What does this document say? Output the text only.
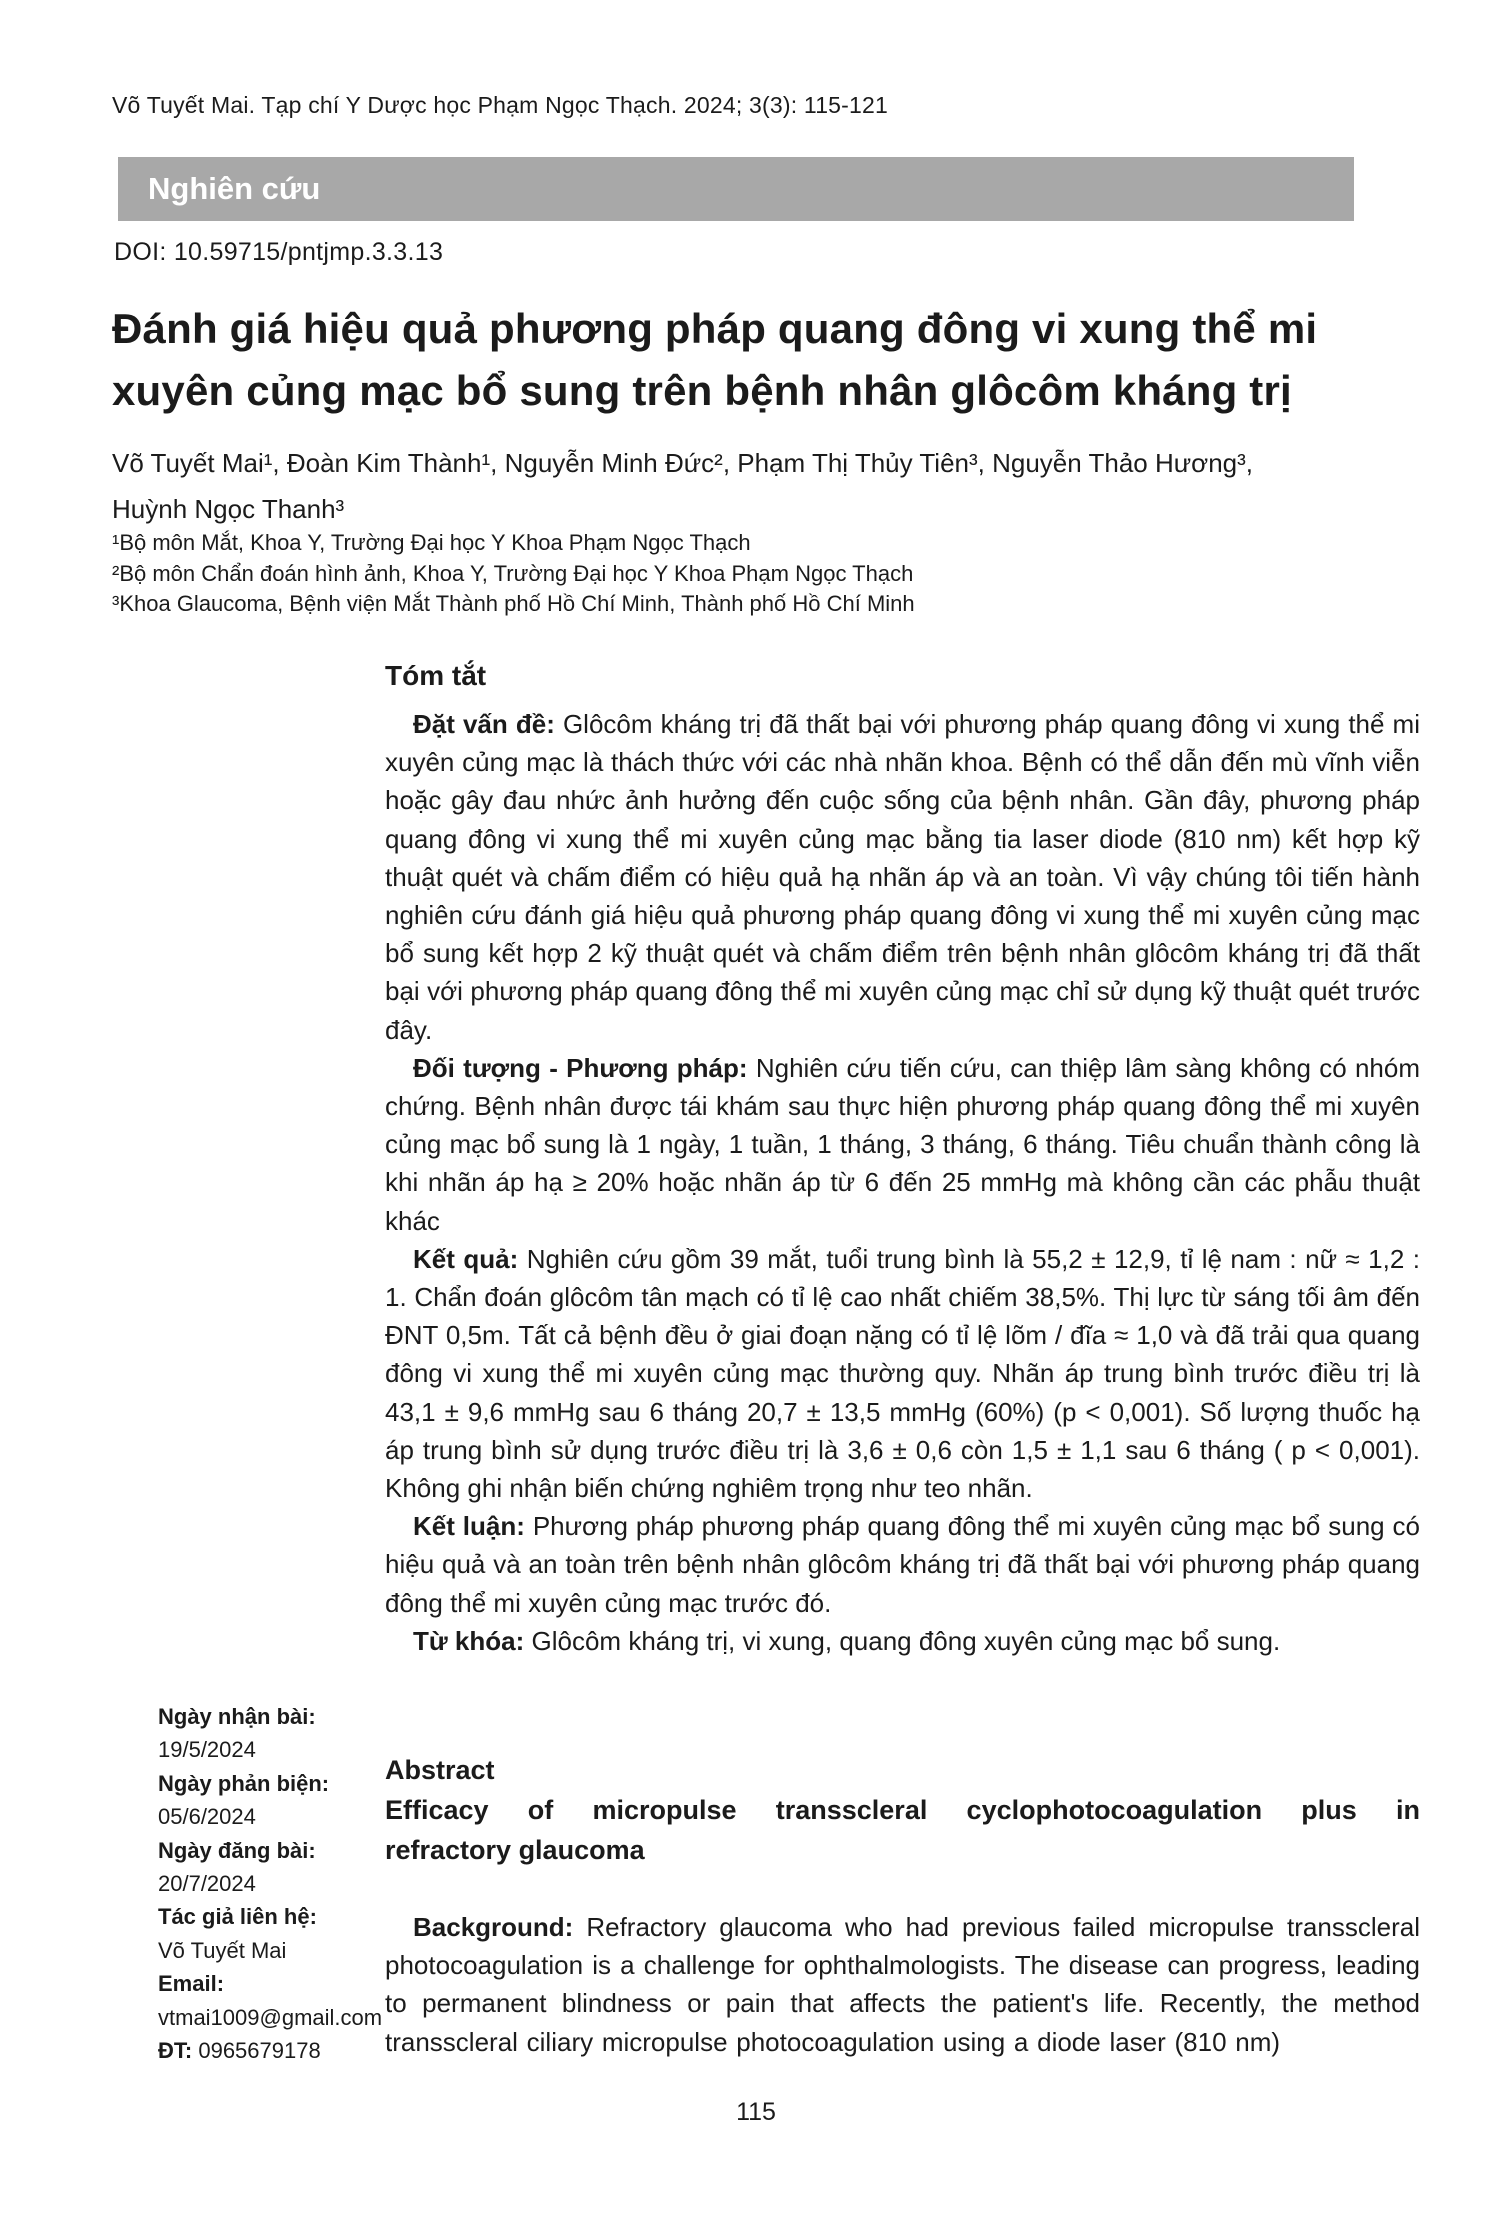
Võ Tuyết Mai. Tạp chí Y Dược học Phạm Ngọc Thạch. 2024; 3(3): 115-121
Nghiên cứu
DOI: 10.59715/pntjmp.3.3.13
Đánh giá hiệu quả phương pháp quang đông vi xung thể mi
xuyên củng mạc bổ sung trên bệnh nhân glôcôm kháng trị
Võ Tuyết Mai¹, Đoàn Kim Thành¹, Nguyễn Minh Đức², Phạm Thị Thủy Tiên³, Nguyễn Thảo Hương³,
Huỳnh Ngọc Thanh³
¹Bộ môn Mắt, Khoa Y, Trường Đại học Y Khoa Phạm Ngọc Thạch
²Bộ môn Chẩn đoán hình ảnh, Khoa Y, Trường Đại học Y Khoa Phạm Ngọc Thạch
³Khoa Glaucoma, Bệnh viện Mắt Thành phố Hồ Chí Minh, Thành phố Hồ Chí Minh
Tóm tắt

Đặt vấn đề: Glôcôm kháng trị đã thất bại với phương pháp quang đông vi xung thể mi xuyên củng mạc là thách thức với các nhà nhãn khoa. Bệnh có thể dẫn đến mù vĩnh viễn hoặc gây đau nhức ảnh hưởng đến cuộc sống của bệnh nhân. Gần đây, phương pháp quang đông vi xung thể mi xuyên củng mạc bằng tia laser diode (810 nm) kết hợp kỹ thuật quét và chấm điểm có hiệu quả hạ nhãn áp và an toàn. Vì vậy chúng tôi tiến hành nghiên cứu đánh giá hiệu quả phương pháp quang đông vi xung thể mi xuyên củng mạc bổ sung kết hợp 2 kỹ thuật quét và chấm điểm trên bệnh nhân glôcôm kháng trị đã thất bại với phương pháp quang đông thể mi xuyên củng mạc chỉ sử dụng kỹ thuật quét trước đây.

Đối tượng - Phương pháp: Nghiên cứu tiến cứu, can thiệp lâm sàng không có nhóm chứng. Bệnh nhân được tái khám sau thực hiện phương pháp quang đông thể mi xuyên củng mạc bổ sung là 1 ngày, 1 tuần, 1 tháng, 3 tháng, 6 tháng. Tiêu chuẩn thành công là khi nhãn áp hạ ≥ 20% hoặc nhãn áp từ 6 đến 25 mmHg mà không cần các phẫu thuật khác

Kết quả: Nghiên cứu gồm 39 mắt, tuổi trung bình là 55,2 ± 12,9, tỉ lệ nam : nữ ≈ 1,2 : 1. Chẩn đoán glôcôm tân mạch có tỉ lệ cao nhất chiếm 38,5%. Thị lực từ sáng tối âm đến ĐNT 0,5m. Tất cả bệnh đều ở giai đoạn nặng có tỉ lệ lõm / đĩa ≈ 1,0 và đã trải qua quang đông vi xung thể mi xuyên củng mạc thường quy. Nhãn áp trung bình trước điều trị là 43,1 ± 9,6 mmHg sau 6 tháng 20,7 ± 13,5 mmHg (60%) (p < 0,001). Số lượng thuốc hạ áp trung bình sử dụng trước điều trị là 3,6 ± 0,6 còn 1,5 ± 1,1 sau 6 tháng ( p < 0,001). Không ghi nhận biến chứng nghiêm trọng như teo nhãn.

Kết luận: Phương pháp phương pháp quang đông thể mi xuyên củng mạc bổ sung có hiệu quả và an toàn trên bệnh nhân glôcôm kháng trị đã thất bại với phương pháp quang đông thể mi xuyên củng mạc trước đó.

Từ khóa: Glôcôm kháng trị, vi xung, quang đông xuyên củng mạc bổ sung.

Ngày nhận bài:
19/5/2024
Ngày phản biện:
05/6/2024
Ngày đăng bài:
20/7/2024
Tác giả liên hệ:
Võ Tuyết Mai
Email:
vtmai1009@gmail.com
ĐT: 0965679178
Abstract
Efficacy of micropulse transscleral cyclophotocoagulation plus in
refractory glaucoma

Background: Refractory glaucoma who had previous failed micropulse transscleral photocoagulation is a challenge for ophthalmologists. The disease can progress, leading to permanent blindness or pain that affects the patient's life. Recently, the method transscleral ciliary micropulse photocoagulation using a diode laser (810 nm)

115
